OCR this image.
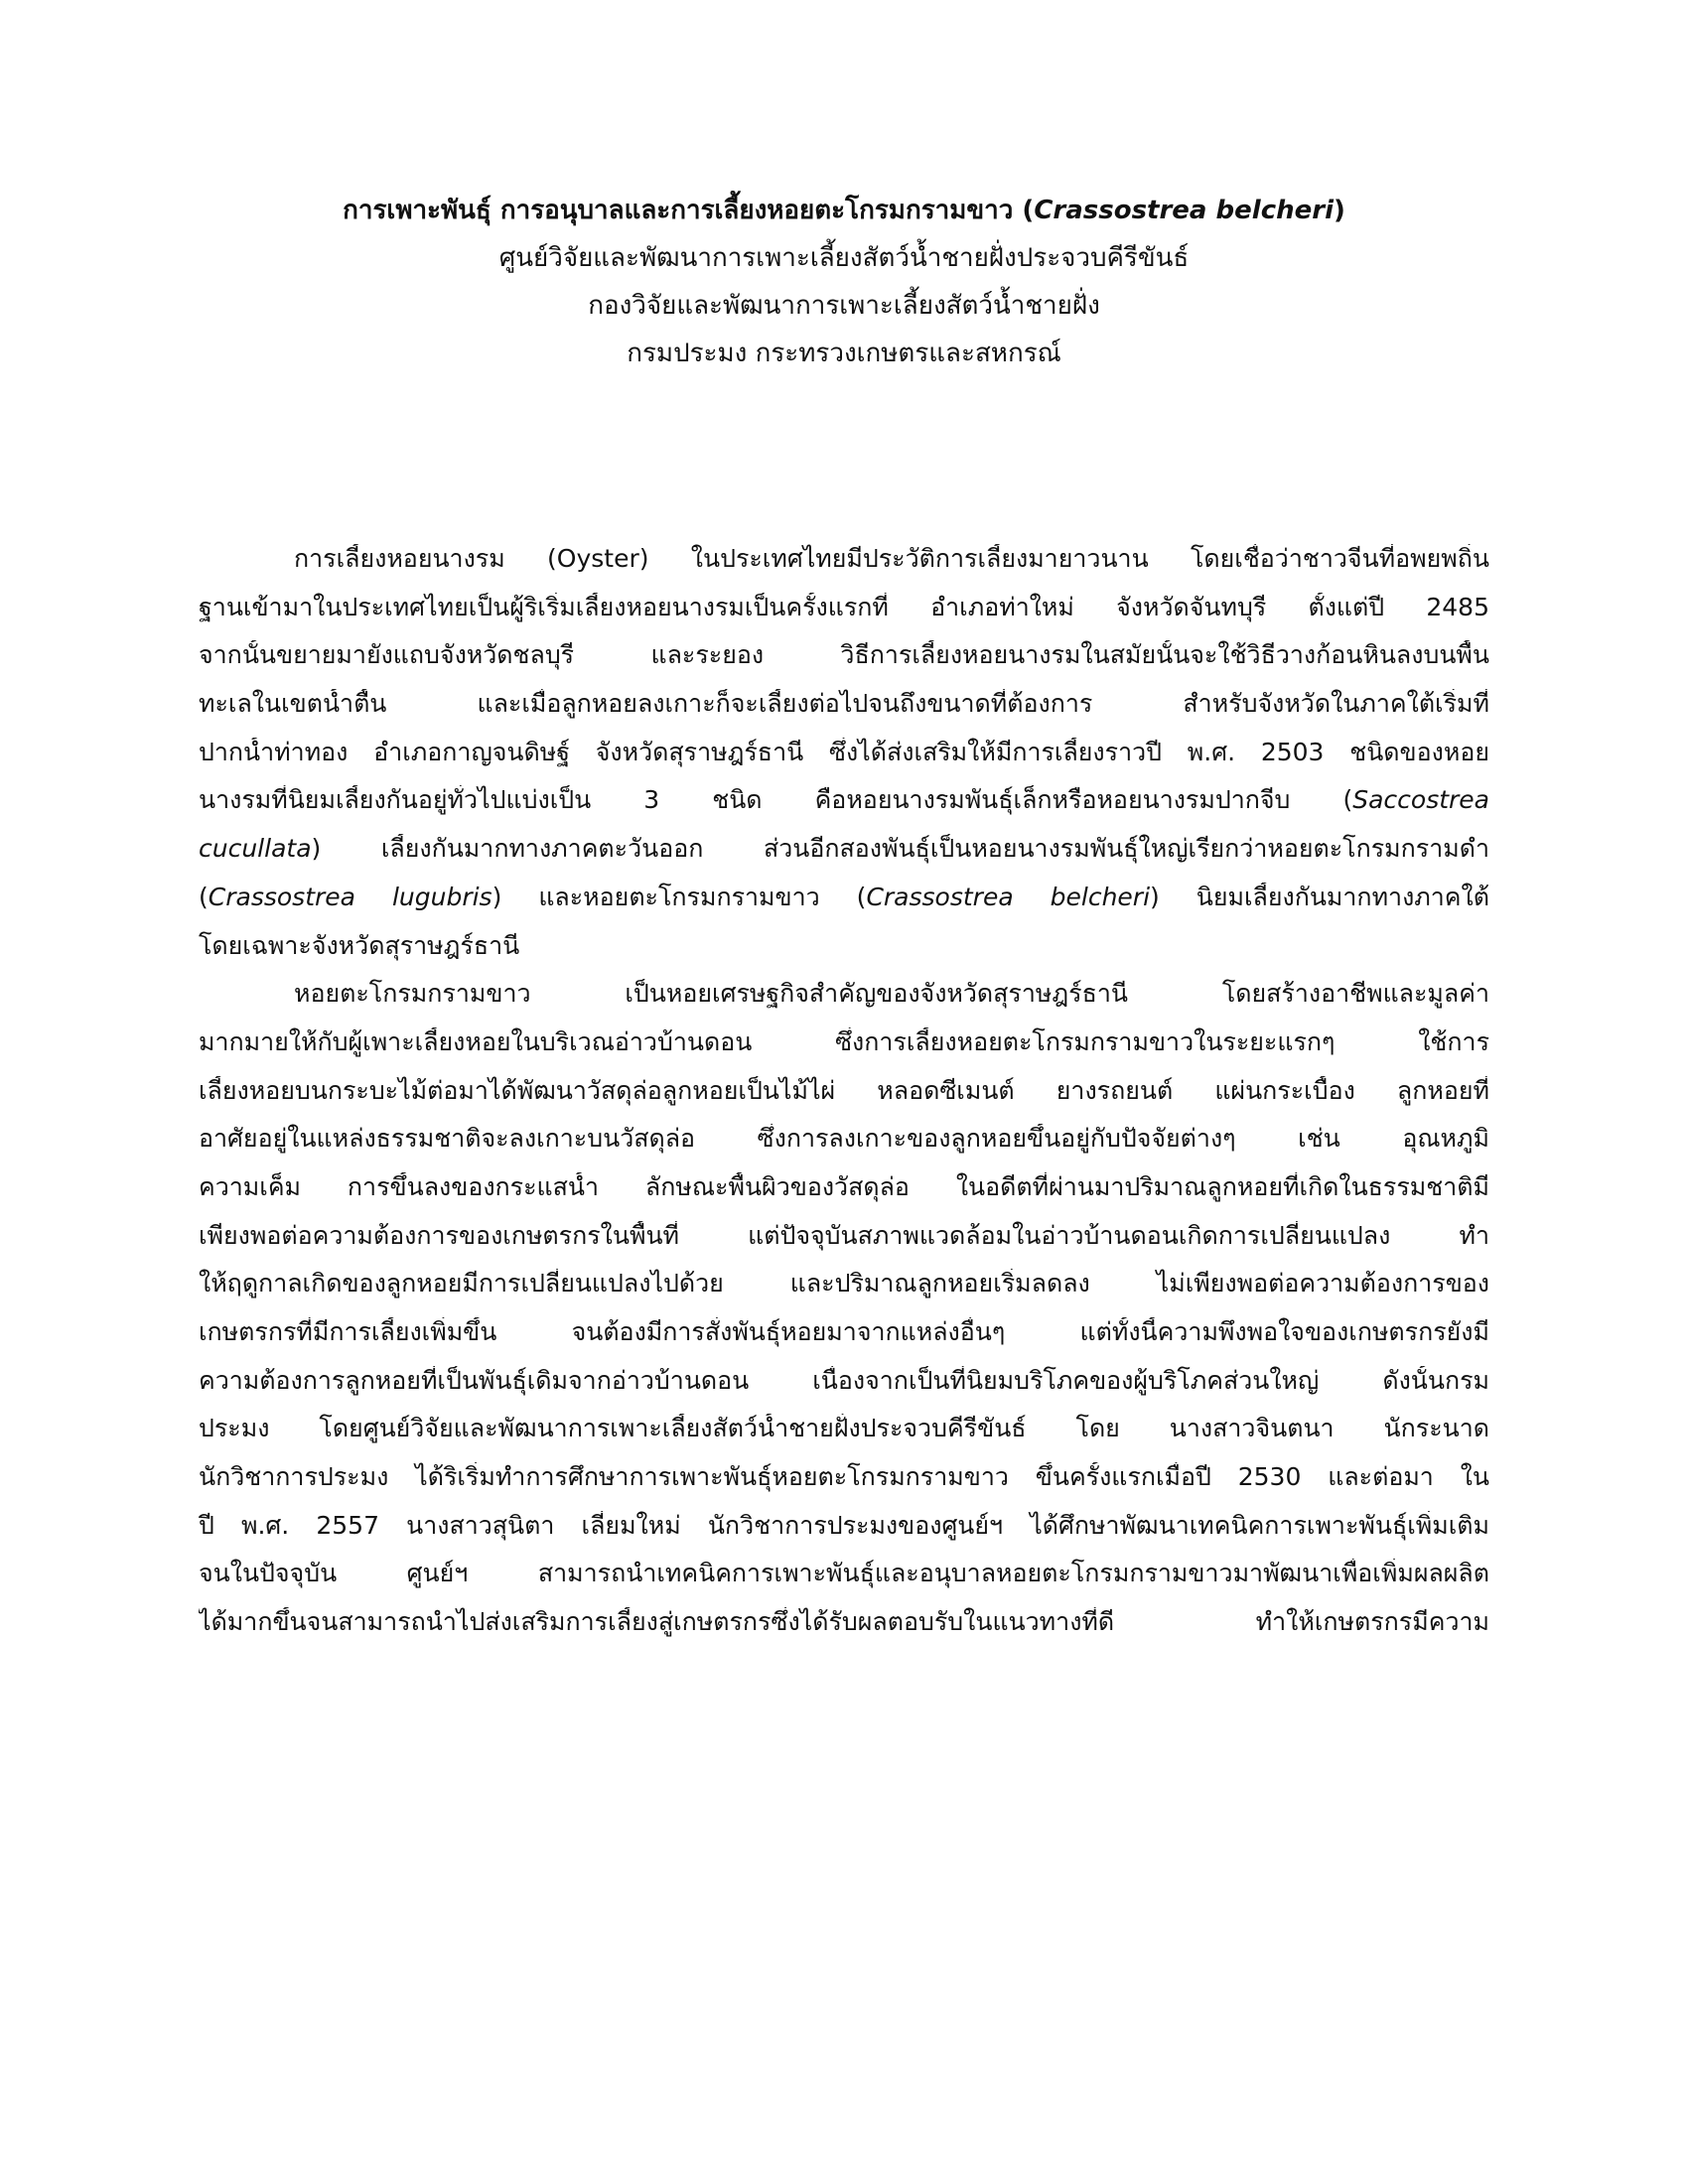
การเพาะพันธุ์ การอนุบาลและการเลี้ยงหอยตะโกรมกรามขาว (Crassostrea belcheri)
ศูนย์วิจัยและพัฒนาการเพาะเลี้ยงสัตว์น้ำชายฝั่งประจวบคีรีขันธ์
กองวิจัยและพัฒนาการเพาะเลี้ยงสัตว์น้ำชายฝั่ง
กรมประมง กระทรวงเกษตรและสหกรณ์
การเลี้ยงหอยนางรม (Oyster) ในประเทศไทยมีประวัติการเลี้ยงมายาวนาน โดยเชื่อว่าชาวจีนที่อพยพถิ่น
ฐานเข้ามาในประเทศไทยเป็นผู้ริเริ่มเลี้ยงหอยนางรมเป็นครั้งแรกที่ อำเภอท่าใหม่ จังหวัดจันทบุรี ตั้งแต่ปี 2485
จากนั้นขยายมายังแถบจังหวัดชลบุรี และระยอง วิธีการเลี้ยงหอยนางรมในสมัยนั้นจะใช้วิธีวางก้อนหินลงบนพื้น
ทะเลในเขตน้ำตื้น และเมื่อลูกหอยลงเกาะก็จะเลี้ยงต่อไปจนถึงขนาดที่ต้องการ สำหรับจังหวัดในภาคใต้เริ่มที่
ปากน้ำท่าทอง อำเภอกาญจนดิษฐ์ จังหวัดสุราษฎร์ธานี ซึ่งได้ส่งเสริมให้มีการเลี้ยงราวปี พ.ศ. 2503 ชนิดของหอย
นางรมที่นิยมเลี้ยงกันอยู่ทั่วไปแบ่งเป็น 3 ชนิด คือหอยนางรมพันธุ์เล็กหรือหอยนางรมปากจีบ (Saccostrea
cucullata) เลี้ยงกันมากทางภาคตะวันออก ส่วนอีกสองพันธุ์เป็นหอยนางรมพันธุ์ใหญ่เรียกว่าหอยตะโกรมกรามดำ
(Crassostrea lugubris) และหอยตะโกรมกรามขาว (Crassostrea belcheri) นิยมเลี้ยงกันมากทางภาคใต้
โดยเฉพาะจังหวัดสุราษฎร์ธานี
หอยตะโกรมกรามขาว เป็นหอยเศรษฐกิจสำคัญของจังหวัดสุราษฎร์ธานี โดยสร้างอาชีพและมูลค่า
มากมายให้กับผู้เพาะเลี้ยงหอยในบริเวณอ่าวบ้านดอน ซึ่งการเลี้ยงหอยตะโกรมกรามขาวในระยะแรกๆ ใช้การ
เลี้ยงหอยบนกระบะไม้ต่อมาได้พัฒนาวัสดุล่อลูกหอยเป็นไม้ไผ่ หลอดซีเมนต์ ยางรถยนต์ แผ่นกระเบื้อง ลูกหอยที่
อาศัยอยู่ในแหล่งธรรมชาติจะลงเกาะบนวัสดุล่อ ซึ่งการลงเกาะของลูกหอยขึ้นอยู่กับปัจจัยต่างๆ เช่น อุณหภูมิ
ความเค็ม การขึ้นลงของกระแสน้ำ ลักษณะพื้นผิวของวัสดุล่อ ในอดีตที่ผ่านมาปริมาณลูกหอยที่เกิดในธรรมชาติมี
เพียงพอต่อความต้องการของเกษตรกรในพื้นที่ แต่ปัจจุบันสภาพแวดล้อมในอ่าวบ้านดอนเกิดการเปลี่ยนแปลง ทำ
ให้ฤดูกาลเกิดของลูกหอยมีการเปลี่ยนแปลงไปด้วย และปริมาณลูกหอยเริ่มลดลง ไม่เพียงพอต่อความต้องการของ
เกษตรกรที่มีการเลี้ยงเพิ่มขึ้น จนต้องมีการสั่งพันธุ์หอยมาจากแหล่งอื่นๆ แต่ทั้งนี้ความพึงพอใจของเกษตรกรยังมี
ความต้องการลูกหอยที่เป็นพันธุ์เดิมจากอ่าวบ้านดอน เนื่องจากเป็นที่นิยมบริโภคของผู้บริโภคส่วนใหญ่ ดังนั้นกรม
ประมง โดยศูนย์วิจัยและพัฒนาการเพาะเลี้ยงสัตว์น้ำชายฝั่งประจวบคีรีขันธ์ โดย นางสาวจินตนา นักระนาด
นักวิชาการประมง ได้ริเริ่มทำการศึกษาการเพาะพันธุ์หอยตะโกรมกรามขาว ขึ้นครั้งแรกเมื่อปี 2530 และต่อมา ใน
ปี พ.ศ. 2557 นางสาวสุนิตา เลี่ยมใหม่ นักวิชาการประมงของศูนย์ฯ ได้ศึกษาพัฒนาเทคนิคการเพาะพันธุ์เพิ่มเติม
จนในปัจจุบัน ศูนย์ฯ สามารถนำเทคนิคการเพาะพันธุ์และอนุบาลหอยตะโกรมกรามขาวมาพัฒนาเพื่อเพิ่มผลผลิต
ได้มากขึ้นจนสามารถนำไปส่งเสริมการเลี้ยงสู่เกษตรกรซึ่งได้รับผลตอบรับในแนวทางที่ดี ทำให้เกษตรกรมีความ
